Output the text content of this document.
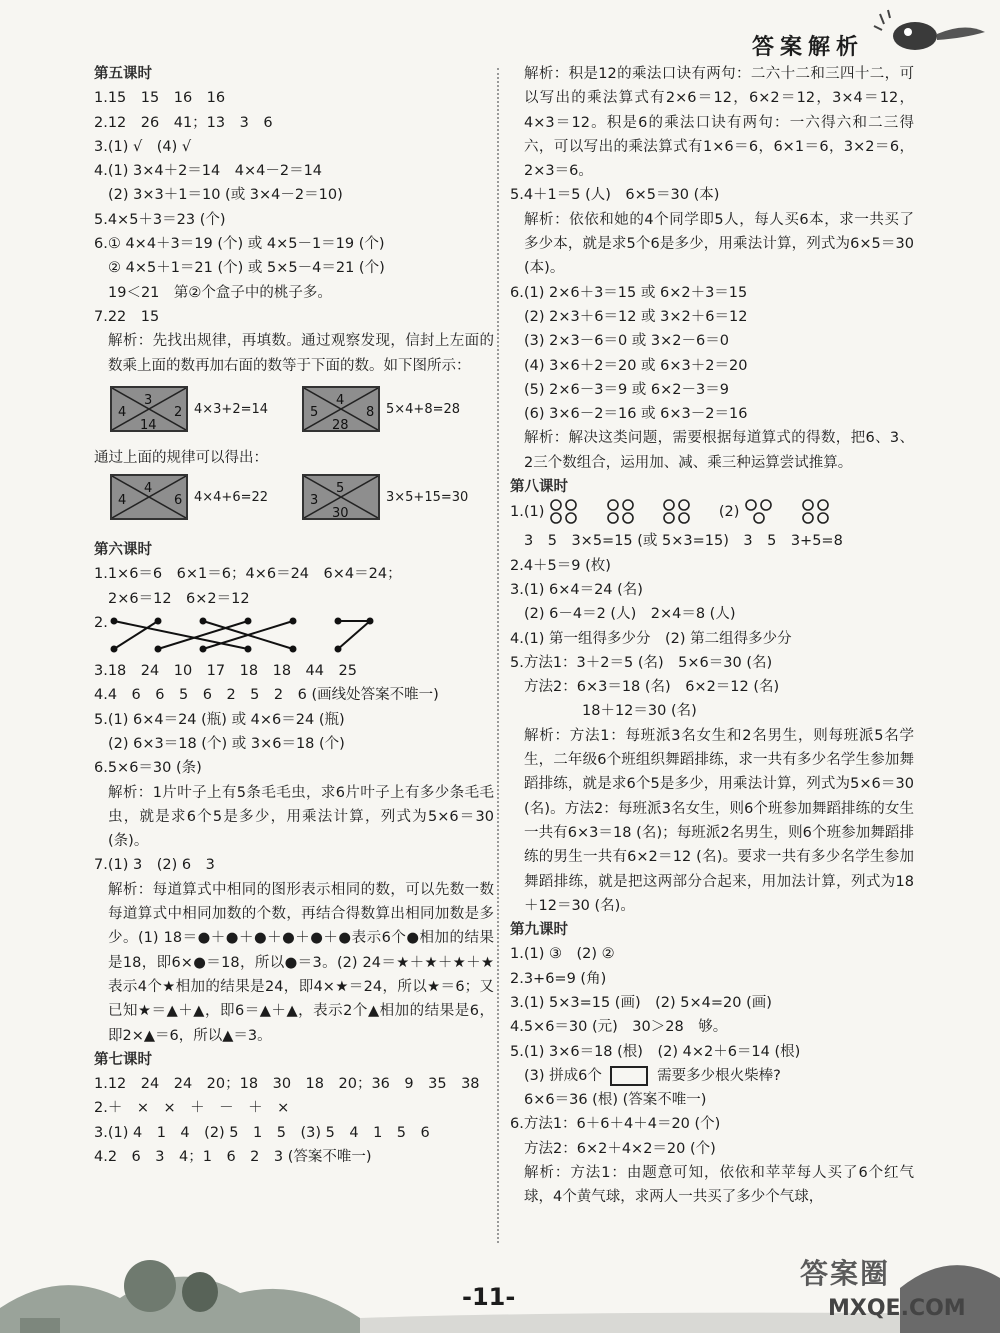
答案解析
第五课时
1.15　15　16　16
2.12　26　41；13　3　6
3.(1) √　(4) √
4.(1) 3×4＋2＝14　4×4－2＝14
(2) 3×3＋1＝10 (或 3×4－2＝10)
5.4×5＋3＝23 (个)
6.① 4×4＋3＝19 (个) 或 4×5－1＝19 (个)
② 4×5＋1＝21 (个) 或 5×5－4＝21 (个)
19＜21　第②个盒子中的桃子多。
7.22　15
解析：先找出规律，再填数。通过观察发现，信封上左面的数乘上面的数再加右面的数等于下面的数。如下图所示：
3
4	2
14
4×3+2=14
4
5	8
28
5×4+8=28
通过上面的规律可以得出：
4
4	6 4×4+6=22
5
3
30
3×5+15=30
第六课时
1.1×6＝6　6×1＝6；4×6＝24　6×4＝24；
2×6＝12　6×2＝12
2.
3.18　24　10　17　18　18　44　25
4.4　6　6　5　6　2　5　2　6 (画线处答案不唯一)
5.(1) 6×4＝24 (瓶) 或 4×6＝24 (瓶)
(2) 6×3＝18 (个) 或 3×6＝18 (个)
6.5×6＝30 (条)
解析：1片叶子上有5条毛毛虫，求6片叶子上有多少条毛毛虫，就是求6个5是多少，用乘法计算，列式为5×6＝30 (条)。
7.(1) 3　(2) 6　3
解析：每道算式中相同的图形表示相同的数，可以先数一数每道算式中相同加数的个数，再结合得数算出相同加数是多少。(1) 18＝●＋●＋●＋●＋●＋●表示6个●相加的结果是18，即6×●＝18，所以●＝3。(2) 24＝★＋★＋★＋★表示4个★相加的结果是24，即4×★＝24，所以★＝6；又已知★＝▲＋▲，即6＝▲＋▲，表示2个▲相加的结果是6，即2×▲＝6，所以▲＝3。
第七课时
1.12　24　24　20；18　30　18　20；36　9　35　38
2.＋　×　×　＋　－　＋　×
3.(1) 4　1　4　(2) 5　1　5　(3) 5　4　1　5　6
4.2　6　3　4；1　6　2　3 (答案不唯一)
解析：积是12的乘法口诀有两句：二六十二和三四十二，可以写出的乘法算式有2×6＝12，6×2＝12，3×4＝12，4×3＝12。积是6的乘法口诀有两句：一六得六和二三得六，可以写出的乘法算式有1×6＝6，6×1＝6，3×2＝6，2×3＝6。
5.4＋1＝5 (人)　6×5＝30 (本)
解析：依依和她的4个同学即5人，每人买6本，求一共买了多少本，就是求5个6是多少，用乘法计算，列式为6×5＝30 (本)。
6.(1) 2×6＋3＝15 或 6×2＋3＝15
(2) 2×3＋6＝12 或 3×2＋6＝12
(3) 2×3－6＝0 或 3×2－6＝0
(4) 3×6＋2＝20 或 6×3＋2＝20
(5) 2×6－3＝9 或 6×2－3＝9
(6) 3×6－2＝16 或 6×3－2＝16
解析：解决这类问题，需要根据每道算式的得数，把6、3、2三个数组合，运用加、减、乘三种运算尝试推算。
第八课时
1.(1)	(2)
3　5　3×5=15 (或 5×3=15)　3　5　3+5=8
2.4＋5＝9 (枚)
3.(1) 6×4＝24 (名)
(2) 6－4＝2 (人)　2×4＝8 (人)
4.(1) 第一组得多少分　(2) 第二组得多少分
5.方法1：3＋2＝5 (名)　5×6＝30 (名)
方法2：6×3＝18 (名)　6×2＝12 (名)
18＋12＝30 (名)
解析：方法1：每班派3名女生和2名男生，则每班派5名学生，二年级6个班组织舞蹈排练，求一共有多少名学生参加舞蹈排练，就是求6个5是多少，用乘法计算，列式为5×6＝30 (名)。方法2：每班派3名女生，则6个班参加舞蹈排练的女生一共有6×3＝18 (名)；每班派2名男生，则6个班参加舞蹈排练的男生一共有6×2＝12 (名)。要求一共有多少名学生参加舞蹈排练，就是把这两部分合起来，用加法计算，列式为18＋12＝30 (名)。
第九课时
1.(1) ③　(2) ②
2.3+6=9 (角)
3.(1) 5×3=15 (画)　(2) 5×4=20 (画)
4.5×6＝30 (元)　30＞28　够。
5.(1) 3×6＝18 (根)　(2) 4×2＋6＝14 (根)
(3) 拼成6个	需要多少根火柴棒?
6×6＝36 (根) (答案不唯一)
6.方法1：6＋6＋4＋4＝20 (个)
方法2：6×2＋4×2＝20 (个)
解析：方法1：由题意可知，依依和苹苹每人买了6个红气球，4个黄气球，求两人一共买了多少个气球，
答案圈
MXQE.COM
-11-
